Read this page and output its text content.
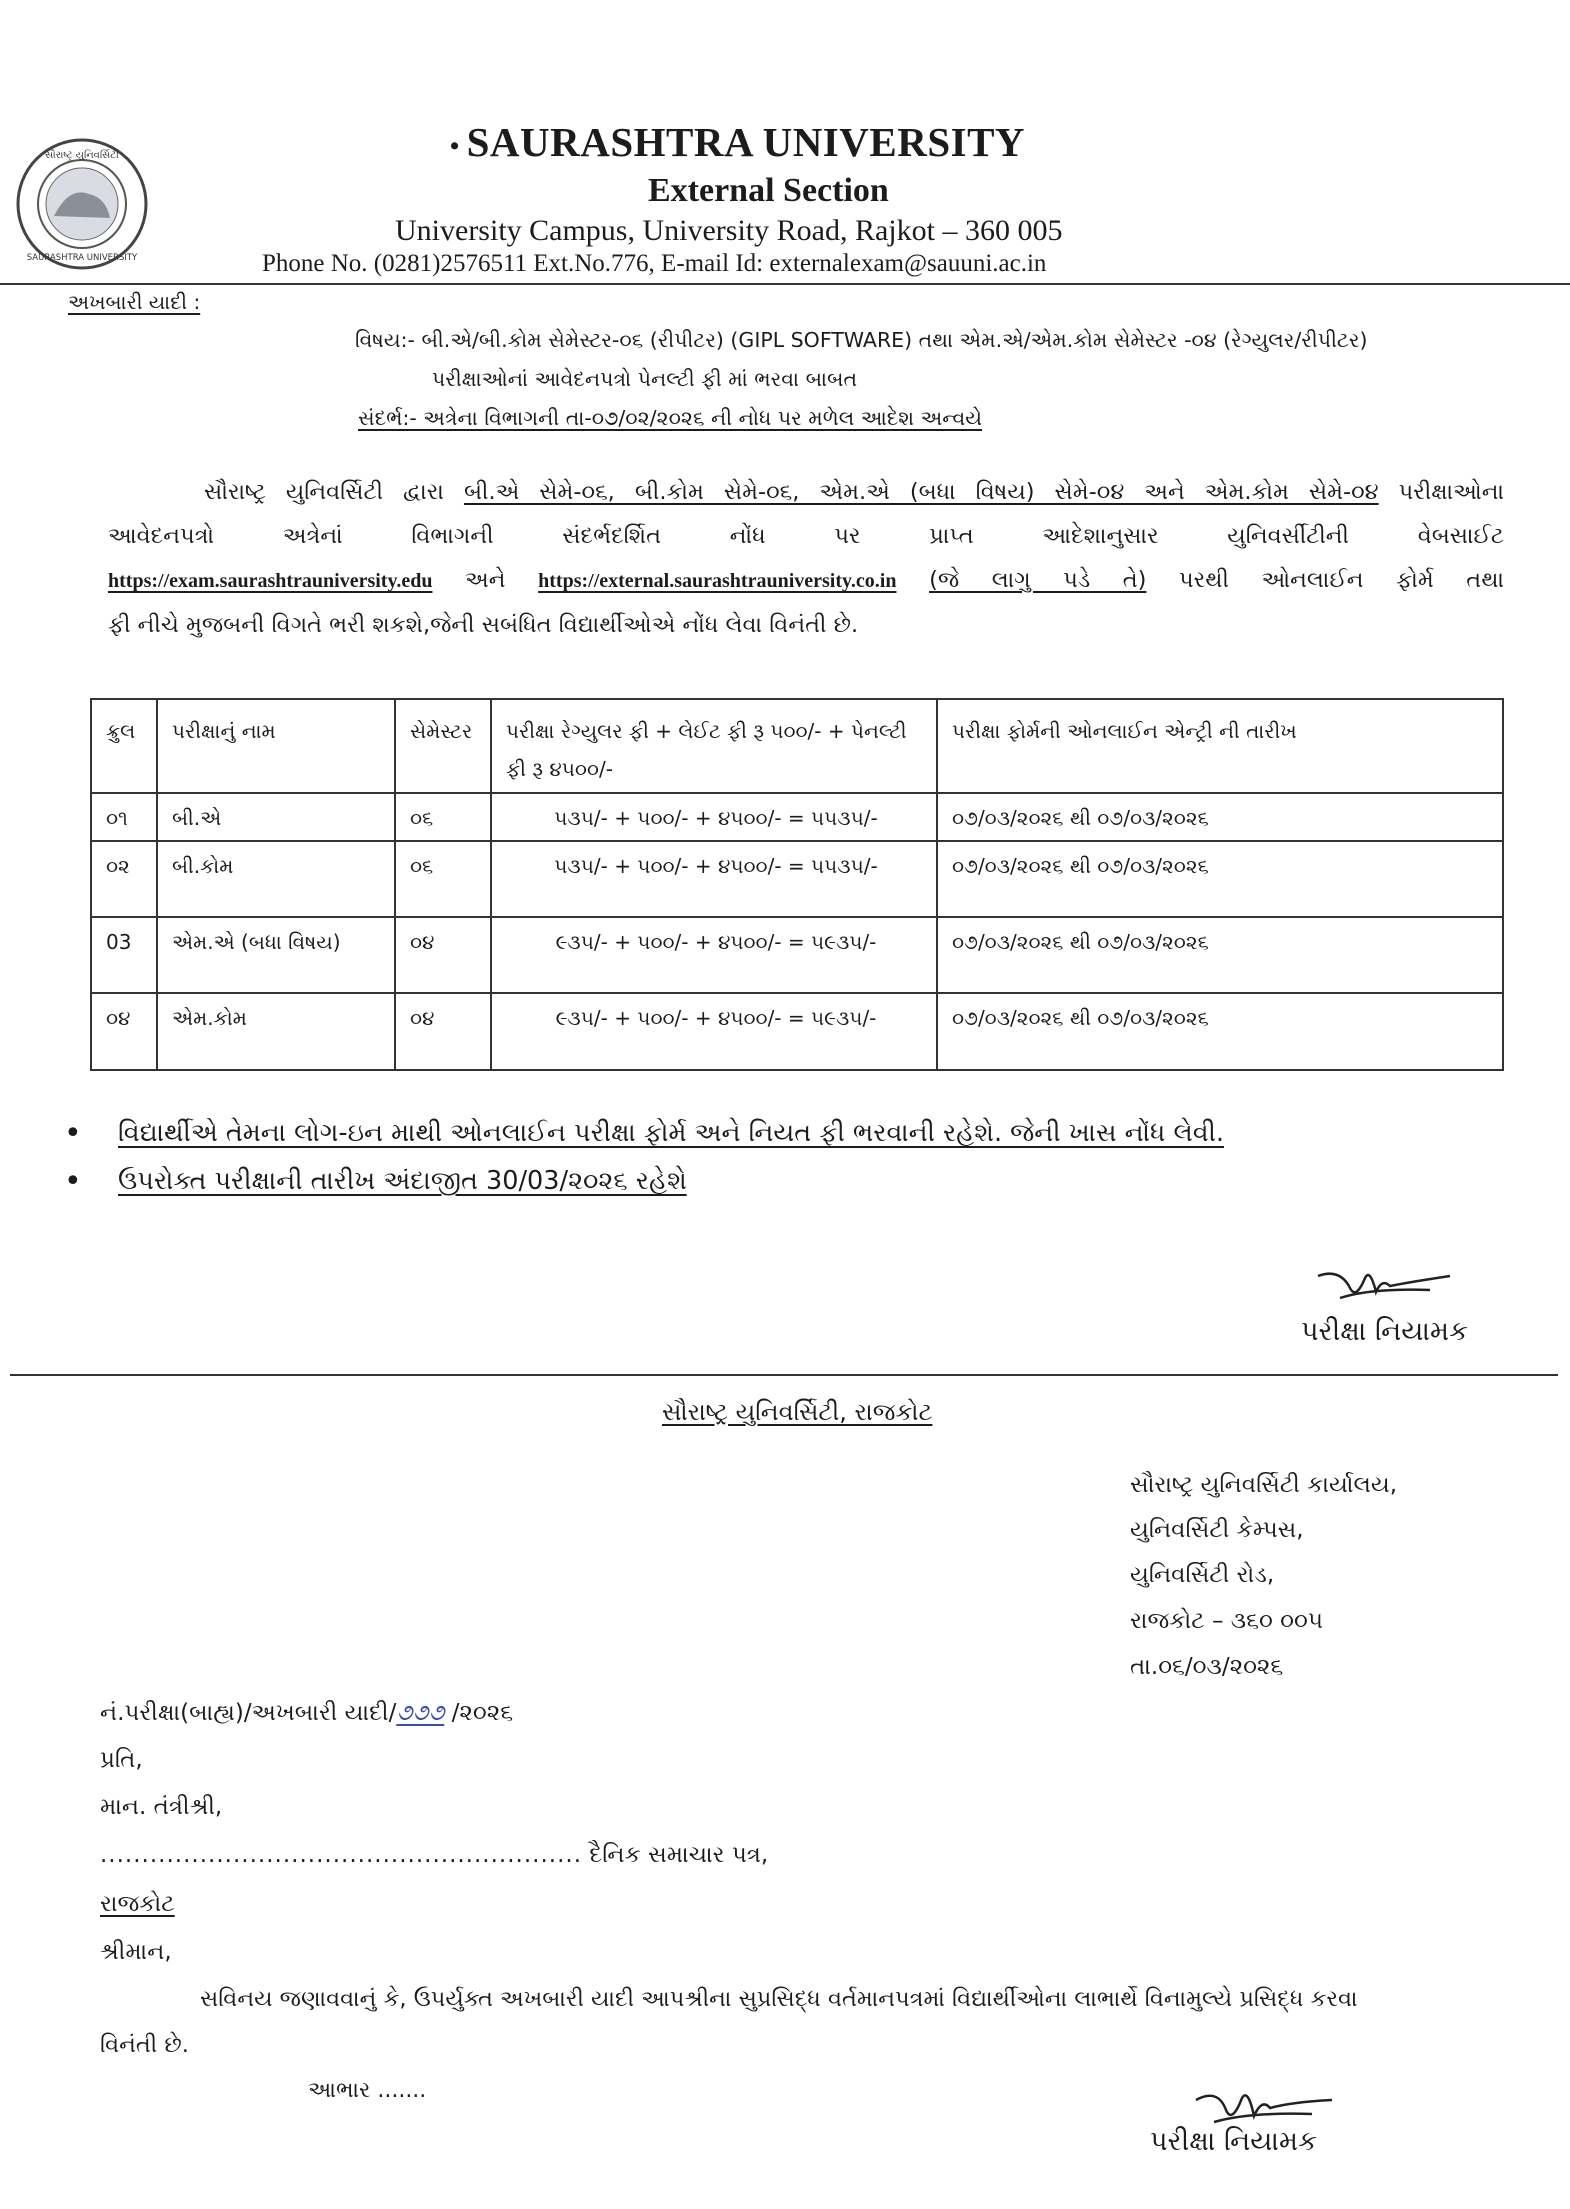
સૌરાષ્ટ્ર યુનિવર્સિટી
SAURASHTRA UNIVERSITY
• SAURASHTRA UNIVERSITY
External Section
University Campus, University Road, Rajkot – 360 005
Phone No. (0281)2576511 Ext.No.776, E-mail Id: externalexam@sauuni.ac.in
અખબારી યાદી :
વિષય:- બી.એ/બી.કોમ સેમેસ્ટર-૦૬ (રીપીટર) (GIPL SOFTWARE) તથા એમ.એ/એમ.કોમ સેમેસ્ટર -૦૪ (રેગ્યુલર/રીપીટર)
પરીક્ષાઓનાં આવેદનપત્રો પેનલ્ટી ફી માં ભરવા બાબત
સંદર્ભ:- અત્રેના વિભાગની તા-૦૭/૦૨/૨૦૨૬ ની નોધ પર મળેલ આદેશ અન્વયે
સૌરાષ્ટ્ર યુનિવર્સિટી દ્વારા બી.એ સેમે-૦૬, બી.કોમ સેમે-૦૬, એમ.એ (બધા વિષય) સેમે-૦૪ અને એમ.કોમ સેમે-૦૪ પરીક્ષાઓના
આવેદનપત્રો અત્રેનાં વિભાગની સંદર્ભદર્શિત નોંધ પર પ્રાપ્ત આદેશાનુસાર યુનિવર્સીટીની વેબસાઈટ
https://exam.saurashtrauniversity.edu અને https://external.saurashtrauniversity.co.in (જે લાગુ પડે તે) પરથી ઓનલાઈન ફોર્મ તથા
ફી નીચે મુજબની વિગતે ભરી શકશે,જેની સબંધિત વિદ્યાર્થીઓએ નોંધ લેવા વિનંતી છે.
ક્રુલ	પરીક્ષાનું નામ	સેમેસ્ટર	પરીક્ષા રેગ્યુલર ફી + લેઈટ ફી રૂ ૫૦૦/- + પેનલ્ટી ફી રૂ ૪૫૦૦/-	પરીક્ષા ફોર્મની ઓનલાઈન એન્ટ્રી ની તારીખ
૦૧	બી.એ	૦૬	૫૩૫/- + ૫૦૦/- + ૪૫૦૦/- = ૫૫૩૫/-	૦૭/૦૩/૨૦૨૬ થી ૦૭/૦૩/૨૦૨૬
૦૨	બી.કોમ	૦૬	૫૩૫/- + ૫૦૦/- + ૪૫૦૦/- = ૫૫૩૫/-	૦૭/૦૩/૨૦૨૬ થી ૦૭/૦૩/૨૦૨૬
03	એમ.એ (બધા વિષય)	૦૪	૯૩૫/- + ૫૦૦/- + ૪૫૦૦/- = ૫૯૩૫/-	૦૭/૦૩/૨૦૨૬ થી ૦૭/૦૩/૨૦૨૬
૦૪	એમ.કોમ	૦૪	૯૩૫/- + ૫૦૦/- + ૪૫૦૦/- = ૫૯૩૫/-	૦૭/૦૩/૨૦૨૬ થી ૦૭/૦૩/૨૦૨૬
• વિદ્યાર્થીએ તેમના લોગ-ઇન માથી ઓનલાઈન પરીક્ષા ફોર્મ અને નિયત ફી ભરવાની રહેશે. જેની ખાસ નોંધ લેવી.
• ઉપરોક્ત પરીક્ષાની તારીખ અંદાજીત 30/03/૨૦૨૬ રહેશે
પરીક્ષા નિયામક
સૌરાષ્ટ્ર યુનિવર્સિટી, રાજકોટ
સૌરાષ્ટ્ર યુનિવર્સિટી કાર્યાલય,
યુનિવર્સિટી કેમ્પસ,
યુનિવર્સિટી રોડ,
રાજકોટ – ૩૬૦ ૦૦૫
તા.૦૬/૦૩/૨૦૨૬
નં.પરીક્ષા(બાહ્ય)/અખબારી યાદી/૭૭૭ /૨૦૨૬
પ્રતિ,
માન. તંત્રીશ્રી,
.......................................................... દૈનિક સમાચાર પત્ર,
રાજકોટ
શ્રીમાન,
સવિનય જણાવવાનું કે, ઉપર્યુક્ત અખબારી યાદી આપશ્રીના સુપ્રસિદ્ધ વર્તમાનપત્રમાં વિદ્યાર્થીઓના લાભાર્થે વિનામુલ્યે પ્રસિદ્ધ કરવા
વિનંતી છે.
આભાર .......
પરીક્ષા નિયામક
